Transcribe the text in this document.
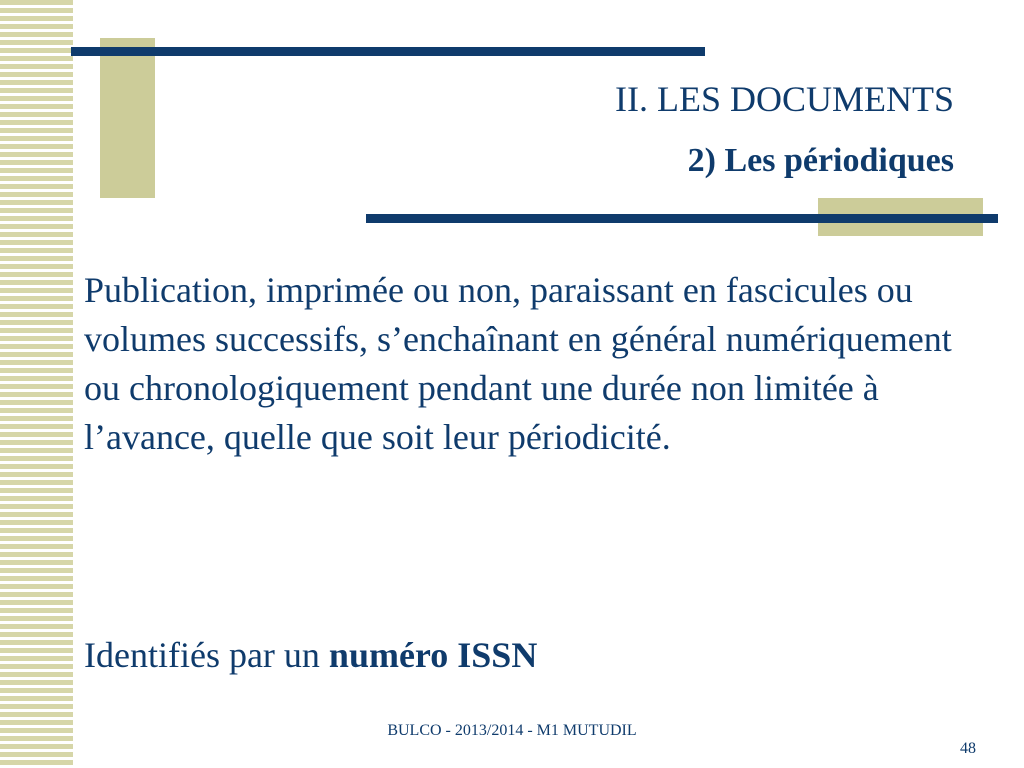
II. LES DOCUMENTS
2) Les périodiques

Publication, imprimée ou non, paraissant en fascicules ou volumes successifs, s’enchaînant en général numériquement ou chronologiquement pendant une durée non limitée à l’avance, quelle que soit leur périodicité.

Identifiés par un numéro ISSN

BULCO - 2013/2014 - M1 MUTUDIL
48
